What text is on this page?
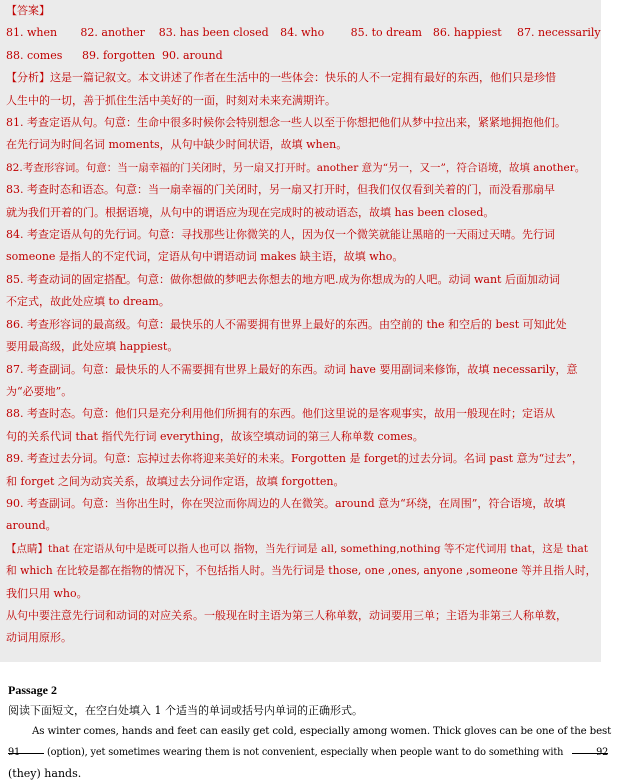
【答案】
81. when	82. another	83. has been closed	84. who	85. to dream 86. happiest	87. necessarily
88. comes	89. forgotten 90. around
【分析】这是一篇记叙文。本文讲述了作者在生活中的一些体会：快乐的人不一定拥有最好的东西，他们只是珍惜
人生中的一切，善于抓住生活中美好的一面，时刻对未来充满期许。
81. 考查定语从句。句意：生命中很多时候你会特别想念一些人以至于你想把他们从梦中拉出来，紧紧地拥抱他们。
在先行词为时间名词 moments，从句中缺少时间状语，故填 when。
82.考查形容词。句意：当一扇幸福的门关闭时，另一扇又打开时。another 意为“另一，又一”，符合语境，故填 another。
83. 考查时态和语态。句意：当一扇幸福的门关闭时，另一扇又打开时，但我们仅仅看到关着的门，而没看那扇早
就为我们开着的门。根据语境，从句中的谓语应为现在完成时的被动语态，故填 has been closed。
84. 考查定语从句的先行词。句意：寻找那些让你微笑的人，因为仅一个微笑就能让黑暗的一天雨过天晴。先行词
someone 是指人的不定代词，定语从句中谓语动词 makes 缺主语，故填 who。
85. 考查动词的固定搭配。句意：做你想做的梦吧去你想去的地方吧.成为你想成为的人吧。动词 want 后面加动词
不定式，故此处应填 to dream。
86. 考查形容词的最高级。句意：最快乐的人不需要拥有世界上最好的东西。由空前的 the 和空后的 best 可知此处
要用最高级，此处应填 happiest。
87. 考查副词。句意：最快乐的人不需要拥有世界上最好的东西。动词 have 要用副词来修饰，故填 necessarily，意
为“必要地”。
88. 考查时态。句意：他们只是充分利用他们所拥有的东西。他们这里说的是客观事实，故用一般现在时；定语从
句的关系代词 that 指代先行词 everything，故该空填动词的第三人称单数 comes。
89. 考查过去分词。句意：忘掉过去你将迎来美好的未来。Forgotten 是 forget的过去分词。名词 past 意为“过去”，
和 forget 之间为动宾关系，故填过去分词作定语，故填 forgotten。
90. 考查副词。句意：当你出生时，你在哭泣而你周边的人在微笑。around 意为“环绕，在周围”，符合语境，故填
around。
【点睛】that 在定语从句中是既可以指人也可以 指物，当先行词是 all, something,nothing 等不定代词用 that，这是 that
和 which 在比较是都在指物的情况下，不包括指人时。当先行词是 those, one ,ones, anyone ,someone 等并且指人时，
我们只用 who。
从句中要注意先行词和动词的对应关系。一般现在时主语为第三人称单数，动词要用三单；主语为非第三人称单数，
动词用原形。
Passage 2
阅读下面短文，在空白处填入 1 个适当的单词或括号内单词的正确形式。
As winter comes, hands and feet can easily get cold, especially among women. Thick gloves can be one of the best
91	(option), yet sometimes wearing them is not convenient, especially when people want to do something with	92
(they) hands.
